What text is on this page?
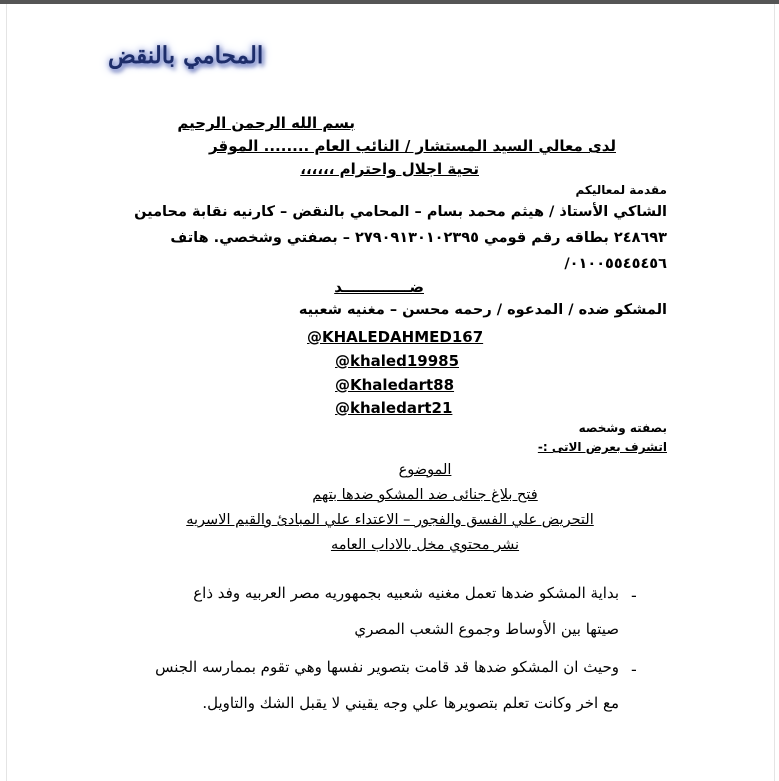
المحامي بالنقض
بسم الله الرحمن الرحيم
لدى معالي السيد المستشار / النائب العام ........ الموقر
تحية اجلال واحترام ،،،،،،
مقدمة لمعاليكم
الشاكي الأستاذ / هيثم محمد بسام – المحامي بالنقض – كارنيه نقابة محامين
٢٤٨٦٩٣ بطاقه رقم قومي ٢٧٩٠٩١٣٠١٠٢٣٩٥ – بصفتي وشخصي. هاتف
٠١٠٠٥٥٤٥٤٥٦/
ضـــــــــــــد
المشكو ضده / المدعوه / رحمه محسن – مغنيه شعبيه
@KHALEDAHMED167
@khaled19985
@Khaledart88
@khaledart21
بصفته وشخصه
اتشرف بعرض الاتى :-
الموضوع
فتح بلاغ جنائى ضد المشكو ضدها بتهم
التحريض علي الفسق والفجور – الاعتداء علي المبادئ والقيم الاسريه
نشر محتوي مخل بالاداب العامه
-
بداية المشكو ضدها تعمل مغنيه شعبيه بجمهوريه مصر العربيه وفد ذاع
صيتها بين الأوساط وجموع الشعب المصري
-
وحيث ان المشكو ضدها قد قامت بتصوير نفسها وهي تقوم بممارسه الجنس
مع اخر وكانت تعلم بتصويرها علي وجه يقيني لا يقبل الشك والتاويل.
